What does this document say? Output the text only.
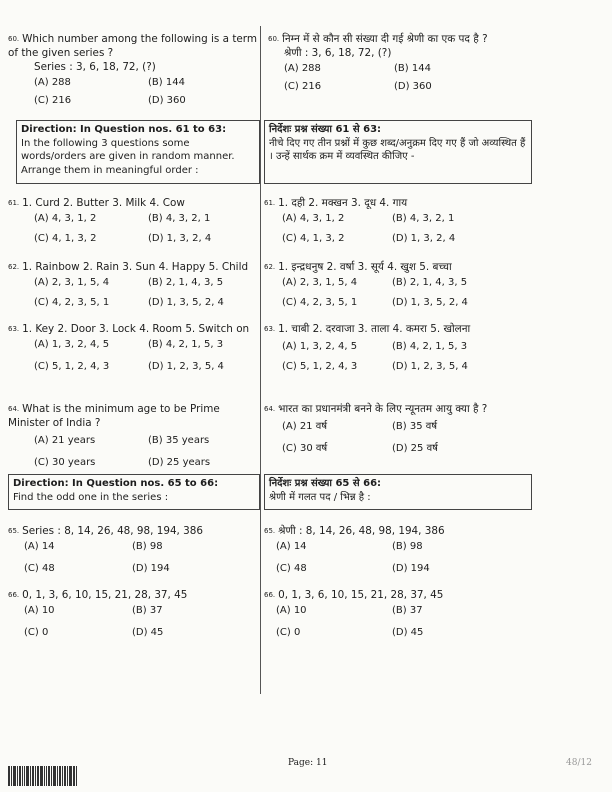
60. Which number among the following is a term of the given series ?
Series : 3, 6, 18, 72, (?)
(A) 288	(B) 144
(C) 216	(D) 360
Direction: In Question nos. 61 to 63:
In the following 3 questions some words/orders are given in random manner. Arrange them in meaningful order :
61. 1. Curd 2. Butter 3. Milk 4. Cow
(A) 4, 3, 1, 2	(B) 4, 3, 2, 1
(C) 4, 1, 3, 2	(D) 1, 3, 2, 4
62. 1. Rainbow 2. Rain 3. Sun 4. Happy 5. Child
(A) 2, 3, 1, 5, 4	(B) 2, 1, 4, 3, 5
(C) 4, 2, 3, 5, 1	(D) 1, 3, 5, 2, 4
63. 1. Key 2. Door 3. Lock 4. Room 5. Switch on
(A) 1, 3, 2, 4, 5	(B) 4, 2, 1, 5, 3
(C) 5, 1, 2, 4, 3	(D) 1, 2, 3, 5, 4
64. What is the minimum age to be Prime Minister of India ?
(A) 21 years	(B) 35 years
(C) 30 years	(D) 25 years
Direction: In Question nos. 65 to 66:
Find the odd one in the series :
65. Series : 8, 14, 26, 48, 98, 194, 386
(A) 14	(B) 98
(C) 48	(D) 194
66. 0, 1, 3, 6, 10, 15, 21, 28, 37, 45
(A) 10	(B) 37
(C) 0	(D) 45
60. निम्न में से कौन सी संख्या दी गई श्रेणी का एक पद है ?
श्रेणी : 3, 6, 18, 72, (?)
(A) 288	(B) 144
(C) 216	(D) 360
निर्देशः प्रश्न संख्या 61 से 63:
नीचे दिए गए तीन प्रश्नों में कुछ शब्द/अनुक्रम दिए गए हैं जो अव्यस्थित हैं । उन्हें सार्थक क्रम में व्यवस्थित कीजिए -
61. 1. दही 2. मक्खन 3. दूध 4. गाय
(A) 4, 3, 1, 2	(B) 4, 3, 2, 1
(C) 4, 1, 3, 2	(D) 1, 3, 2, 4
62. 1. इन्द्रधनुष 2. वर्षा 3. सूर्य 4. खुश 5. बच्चा
(A) 2, 3, 1, 5, 4	(B) 2, 1, 4, 3, 5
(C) 4, 2, 3, 5, 1	(D) 1, 3, 5, 2, 4
63. 1. चाबी 2. दरवाजा 3. ताला 4. कमरा 5. खोलना
(A) 1, 3, 2, 4, 5	(B) 4, 2, 1, 5, 3
(C) 5, 1, 2, 4, 3	(D) 1, 2, 3, 5, 4
64. भारत का प्रधानमंत्री बनने के लिए न्यूनतम आयु क्या है ?
(A) 21 वर्ष	(B) 35 वर्ष
(C) 30 वर्ष	(D) 25 वर्ष
निर्देशः प्रश्न संख्या 65 से 66:
श्रेणी में गलत पद / भिन्न है :
65. श्रेणी : 8, 14, 26, 48, 98, 194, 386
(A) 14	(B) 98
(C) 48	(D) 194
66. 0, 1, 3, 6, 10, 15, 21, 28, 37, 45
(A) 10	(B) 37
(C) 0	(D) 45
Page: 11	48/12
